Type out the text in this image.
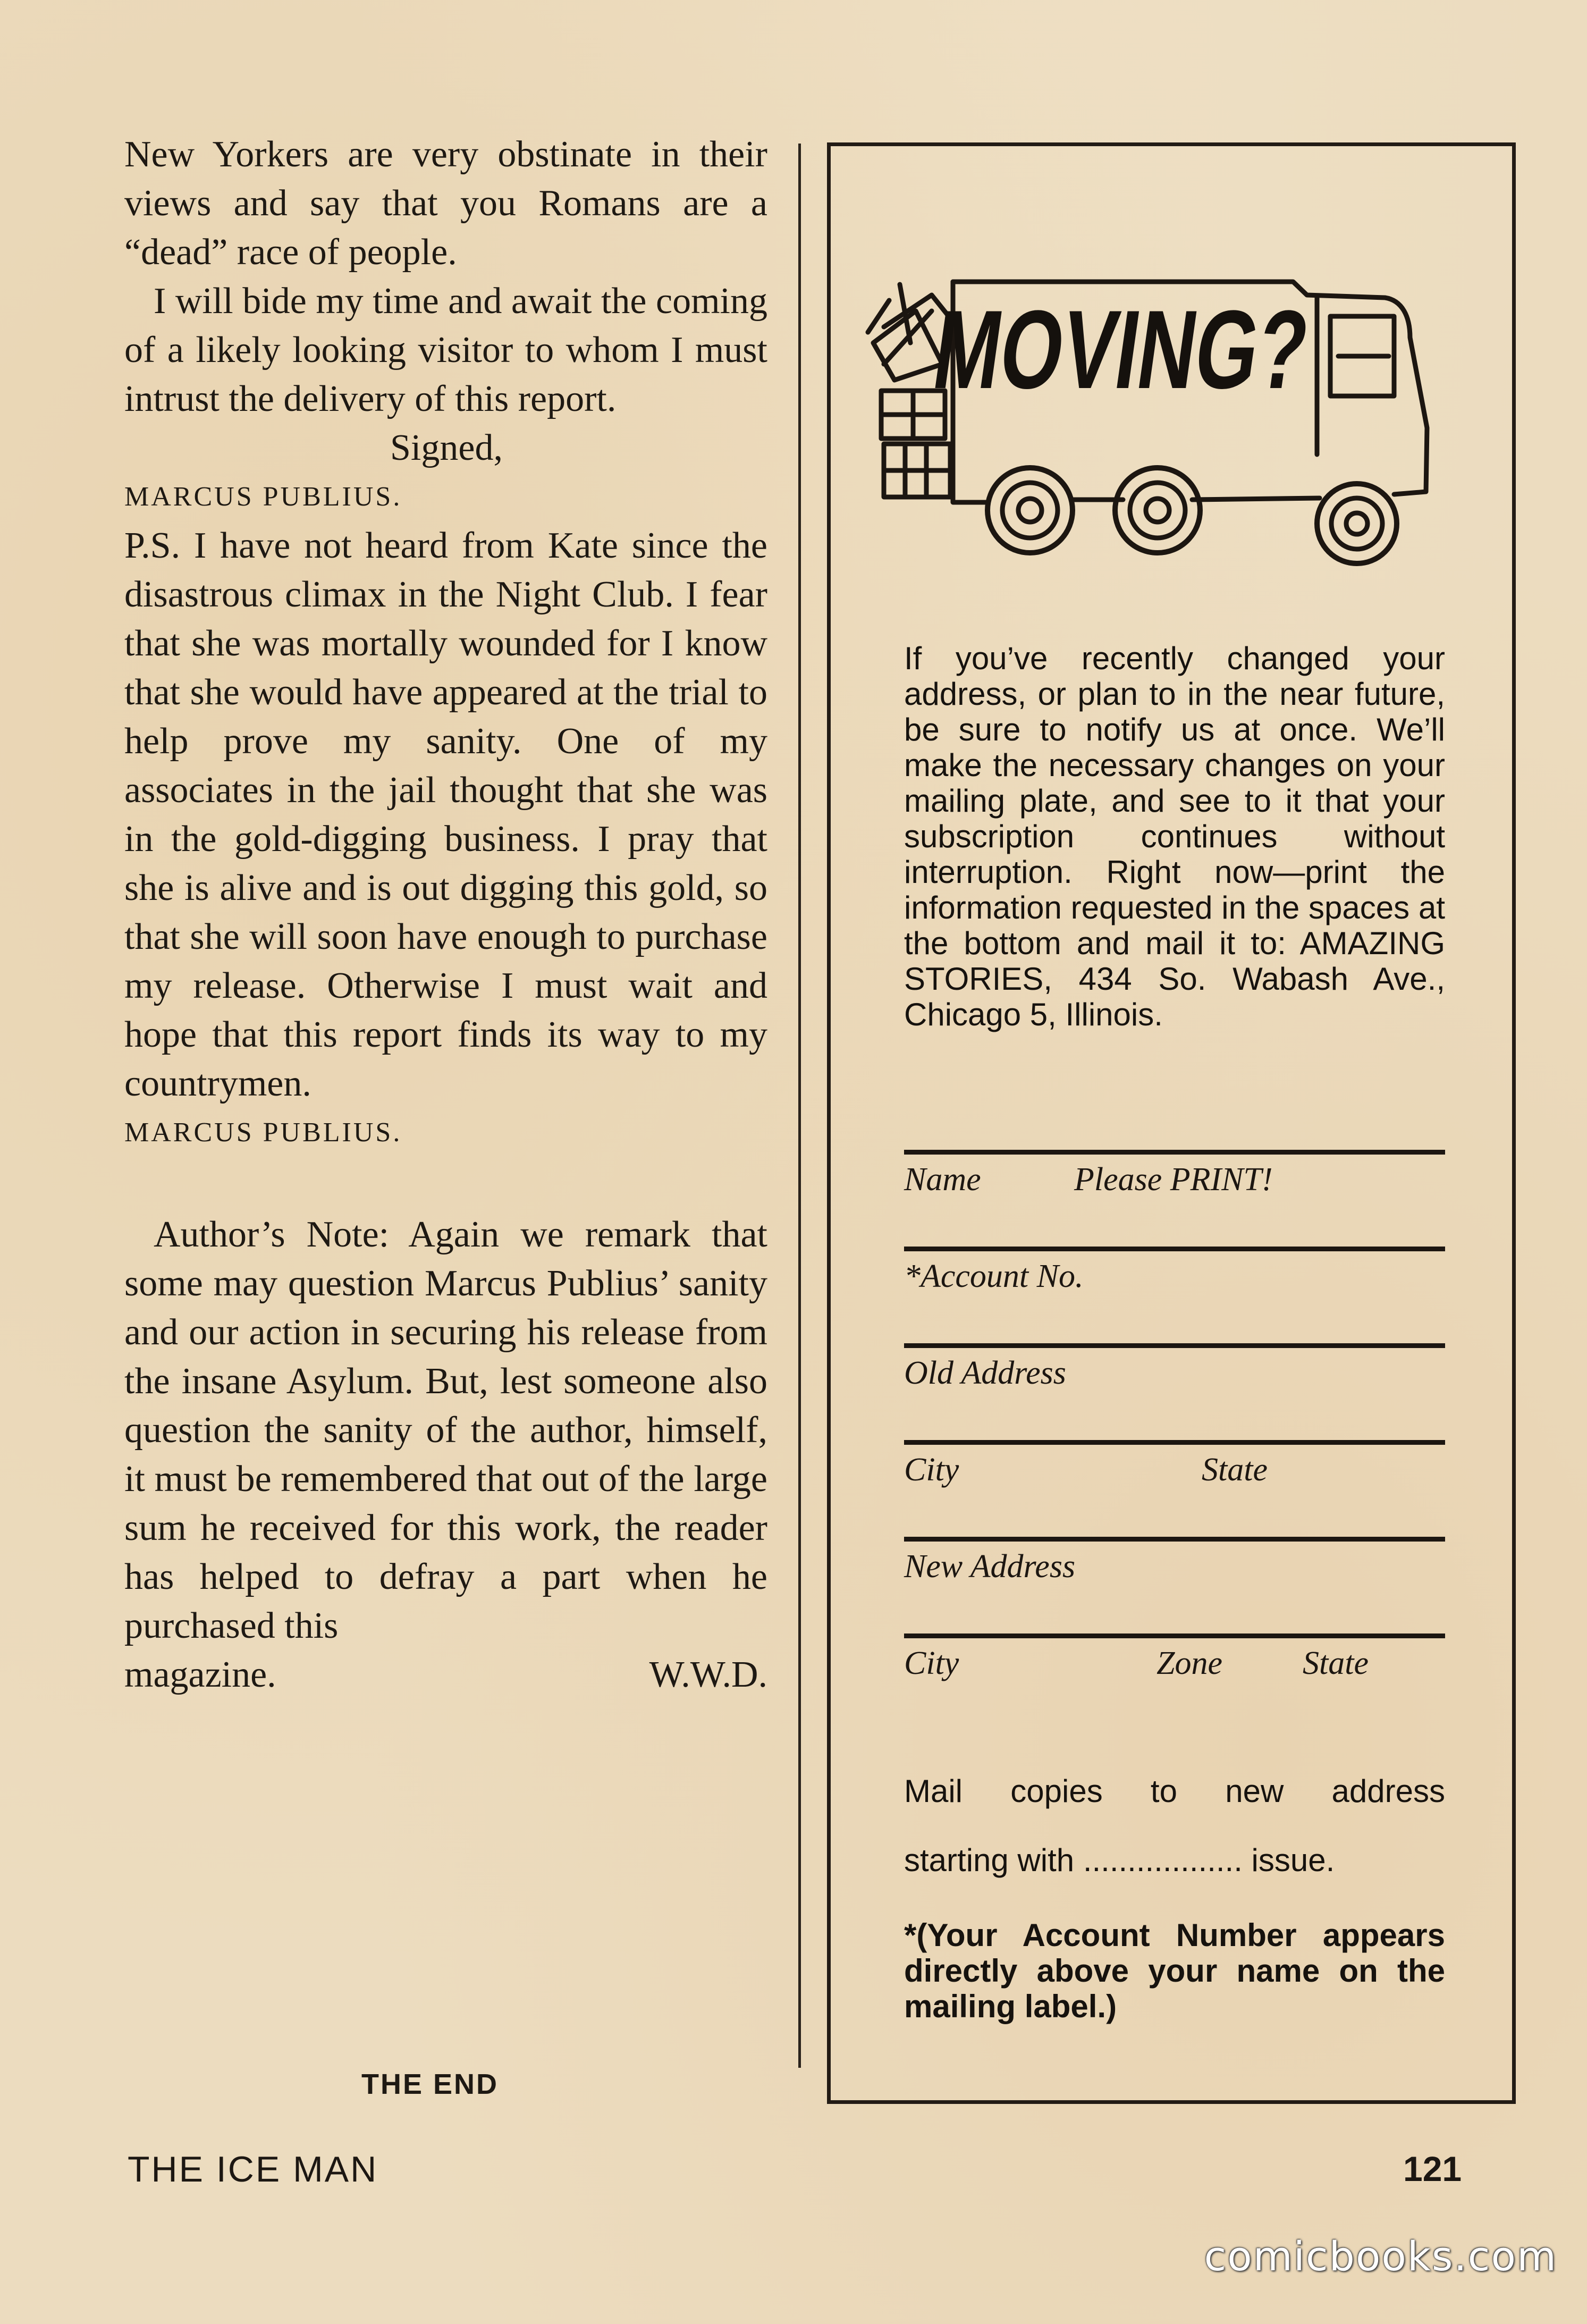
New Yorkers are very obstinate in their views and say that you Romans are a “dead” race of people.

I will bide my time and await the coming of a likely looking visitor to whom I must intrust the delivery of this report.

Signed,

MARCUS PUBLIUS.

P.S. I have not heard from Kate since the disastrous climax in the Night Club. I fear that she was mortally wounded for I know that she would have appeared at the trial to help prove my sanity. One of my associates in the jail thought that she was in the gold-digging business. I pray that she is alive and is out digging this gold, so that she will soon have enough to purchase my release. Otherwise I must wait and hope that this report finds its way to my countrymen.

MARCUS PUBLIUS.

Author’s Note: Again we remark that some may question Marcus Publius’ sanity and our action in securing his release from the insane Asylum. But, lest someone also question the sanity of the author, himself, it must be remembered that out of the large sum he received for this work, the reader has helped to defray a part when he purchased this

magazine.	W.W.D.
THE END
MOVING?

If you’ve recently changed your address, or plan to in the near future, be sure to notify us at once. We’ll make the necessary changes on your mailing plate, and see to it that your subscription continues without interruption. Right now—print the information requested in the spaces at the bottom and mail it to: AMAZING STORIES, 434 So. Wabash Ave., Chicago 5, Illinois.

Name	Please PRINT!
*Account No.
Old Address
City	State
New Address
City	Zone State
Mail copies to new address
starting with .................. issue.

*(Your Account Number appears directly above your name on the mailing label.)

THE ICE MAN	121
comicbooks.com
